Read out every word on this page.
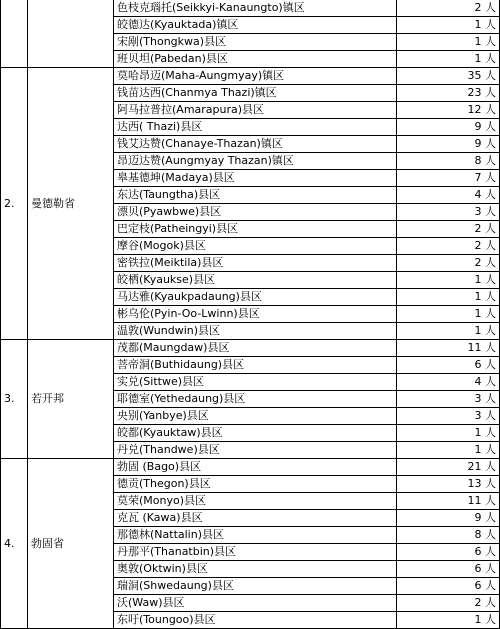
		色枝克瑙托(Seikkyi-Kanaungto)镇区	2 人
		皎德达(Kyauktada)镇区	1 人
		宋剐(Thongkwa)县区	1 人
		班贝坦(Pabedan)县区	1 人
2.	曼德勒省	莫哈昂迈(Maha-Aungmyay)镇区	35 人
		钱苗达西(Chanmya Thazi)镇区	23 人
		阿马拉普拉(Amarapura)县区	12 人
		达西( Thazi)县区	9 人
		钱艾达赞(Chanaye-Thazan)镇区	9 人
		昂迈达赞(Aungmyay Thazan)镇区	8 人
		皋基德坤(Madaya)县区	7 人
		东达(Taungtha)县区	4 人
		漂贝(Pyawbwe)县区	3 人
		巴定枝(Patheingyi)县区	2 人
		摩谷(Mogok)县区	2 人
		密铁拉(Meiktila)县区	2 人
		皎栖(Kyaukse)县区	1 人
		马达雅(Kyaukpadaung)县区	1 人
		彬乌伦(Pyin-Oo-Lwinn)县区	1 人
		温敦(Wundwin)县区	1 人
3.	若开邦	茂都(Maungdaw)县区	11 人
		菩帝洞(Buthidaung)县区	6 人
		实兑(Sittwe)县区	4 人
		耶德室(Yethedaung)县区	3 人
		央别(Yanbye)县区	3 人
		皎都(Kyauktaw)县区	1 人
		丹兑(Thandwe)县区	1 人
4.	勃固省	勃固 (Bago)县区	21 人
		德贡(Thegon)县区	13 人
		莫荣(Monyo)县区	11 人
		克瓦 (Kawa)县区	9 人
		那德林(Nattalin)县区	8 人
		丹那平(Thanatbin)县区	6 人
		奥敦(Oktwin)县区	6 人
		瑞洞(Shwedaung)县区	6 人
		沃(Waw)县区	2 人
		东吁(Toungoo)县区	1 人
